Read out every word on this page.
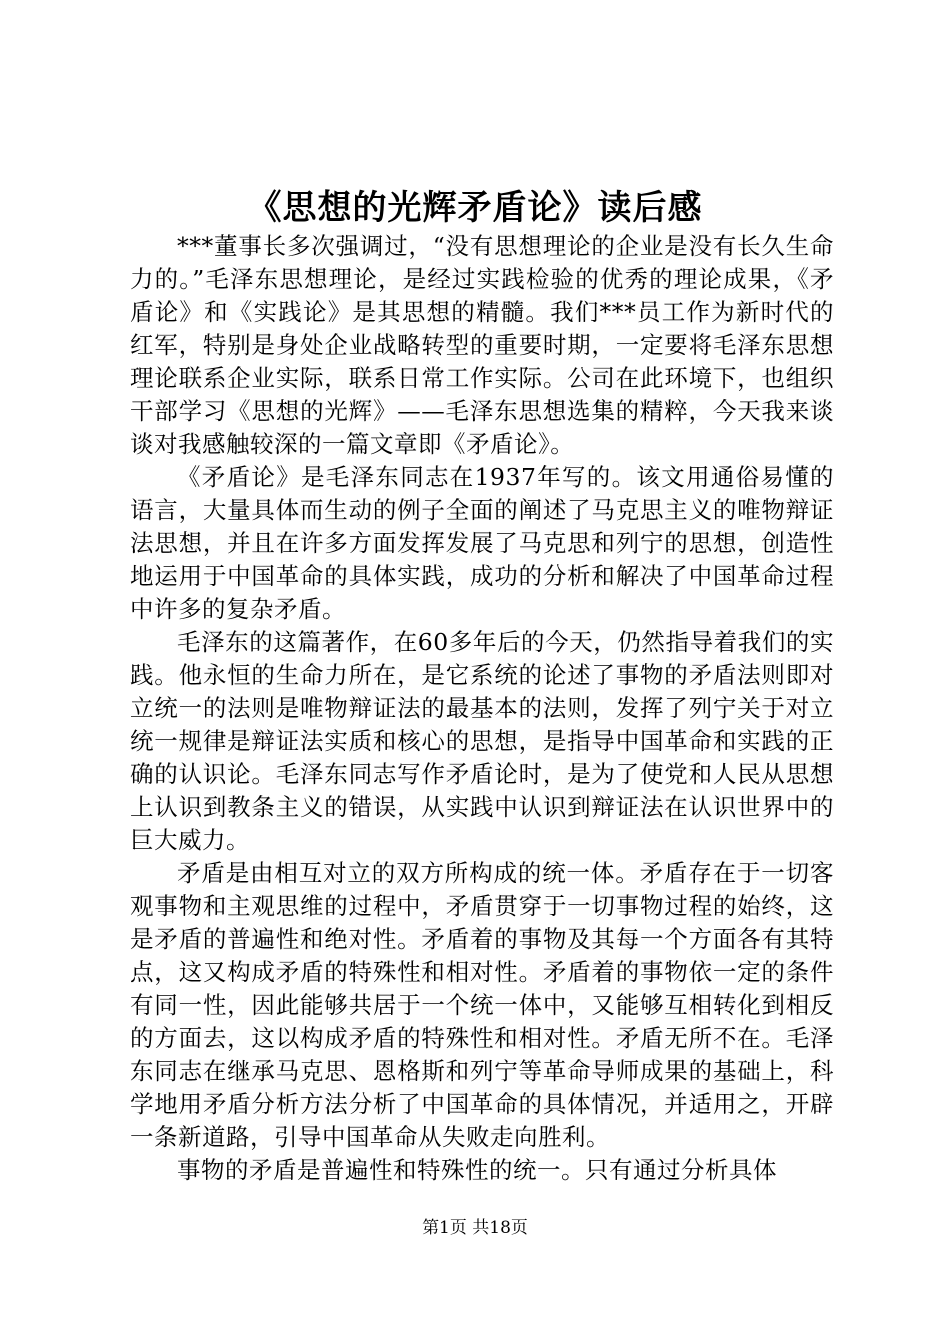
《思想的光辉矛盾论》读后感

***董事长多次强调过，“没有思想理论的企业是没有长久生命力的。”毛泽东思想理论，是经过实践检验的优秀的理论成果，《矛盾论》和《实践论》是其思想的精髓。我们***员工作为新时代的红军，特别是身处企业战略转型的重要时期，一定要将毛泽东思想理论联系企业实际，联系日常工作实际。公司在此环境下，也组织干部学习《思想的光辉》——毛泽东思想选集的精粹，今天我来谈谈对我感触较深的一篇文章即《矛盾论》。

《矛盾论》是毛泽东同志在1937年写的。该文用通俗易懂的语言，大量具体而生动的例子全面的阐述了马克思主义的唯物辩证法思想，并且在许多方面发挥发展了马克思和列宁的思想，创造性地运用于中国革命的具体实践，成功的分析和解决了中国革命过程中许多的复杂矛盾。

毛泽东的这篇著作，在60多年后的今天，仍然指导着我们的实践。他永恒的生命力所在，是它系统的论述了事物的矛盾法则即对立统一的法则是唯物辩证法的最基本的法则，发挥了列宁关于对立统一规律是辩证法实质和核心的思想，是指导中国革命和实践的正确的认识论。毛泽东同志写作矛盾论时，是为了使党和人民从思想上认识到教条主义的错误，从实践中认识到辩证法在认识世界中的巨大威力。

矛盾是由相互对立的双方所构成的统一体。矛盾存在于一切客观事物和主观思维的过程中，矛盾贯穿于一切事物过程的始终，这是矛盾的普遍性和绝对性。矛盾着的事物及其每一个方面各有其特点，这又构成矛盾的特殊性和相对性。矛盾着的事物依一定的条件有同一性，因此能够共居于一个统一体中，又能够互相转化到相反的方面去，这以构成矛盾的特殊性和相对性。矛盾无所不在。毛泽东同志在继承马克思、恩格斯和列宁等革命导师成果的基础上，科学地用矛盾分析方法分析了中国革命的具体情况，并适用之，开辟一条新道路，引导中国革命从失败走向胜利。

事物的矛盾是普遍性和特殊性的统一。只有通过分析具体

第1页 共18页
